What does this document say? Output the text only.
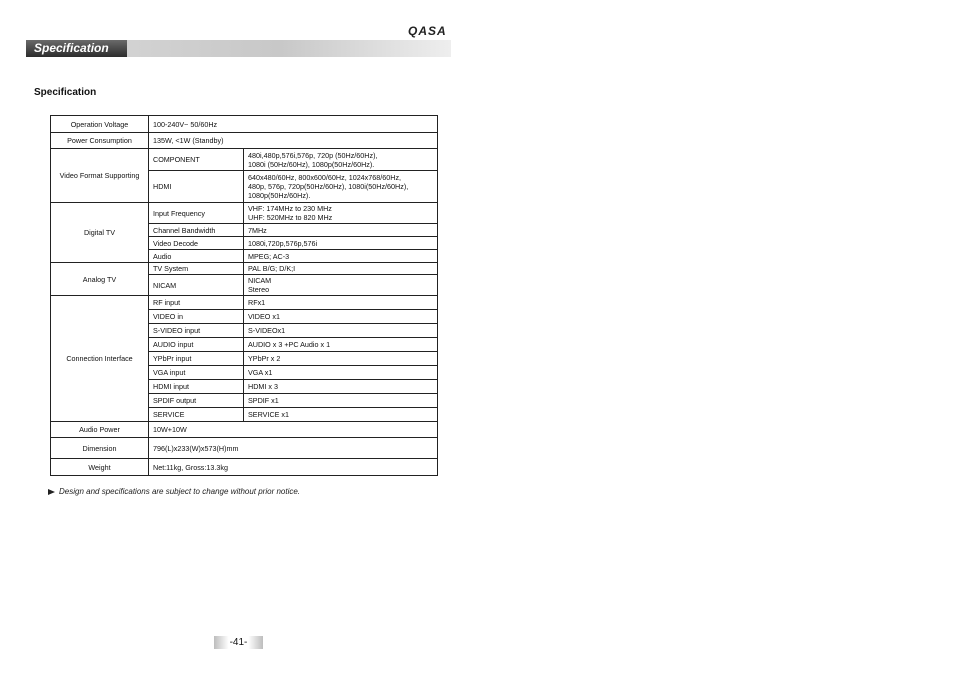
QASA
Specification
Specification
Operation Voltage	100-240V~ 50/60Hz	
Power Consumption	135W, <1W (Standby)	
Video Format Supporting	COMPONENT	480i,480p,576i,576p, 720p (50Hz/60Hz),
1080i (50Hz/60Hz), 1080p(50Hz/60Hz).

	HDMI	640x480/60Hz, 800x600/60Hz, 1024x768/60Hz,
480p, 576p, 720p(50Hz/60Hz), 1080i(50Hz/60Hz),
1080p(50Hz/60Hz).

Digital TV	Input Frequency	VHF: 174MHz to 230 MHz
UHF: 520MHz to 820 MHz

	Channel Bandwidth	7MHz
	Video Decode	1080i,720p,576p,576i
	Audio	MPEG; AC-3
Analog TV	TV System	PAL B/G; D/K;I
	NICAM	NICAM
Stereo

Connection Interface	RF input	RFx1
	VIDEO in	VIDEO x1
	S-VIDEO input	S-VIDEOx1
	AUDIO input	AUDIO x 3 +PC Audio x 1
	YPbPr input	YPbPr x 2
	VGA input	VGA x1
	HDMI input	HDMI x 3
	SPDIF output	SPDIF x1
	SERVICE	SERVICE x1
Audio Power	10W+10W	
Dimension	796(L)x233(W)x573(H)mm	
Weight	Net:11kg, Gross:13.3kg	
Design and specifications are subject to change without prior notice.
-41-
